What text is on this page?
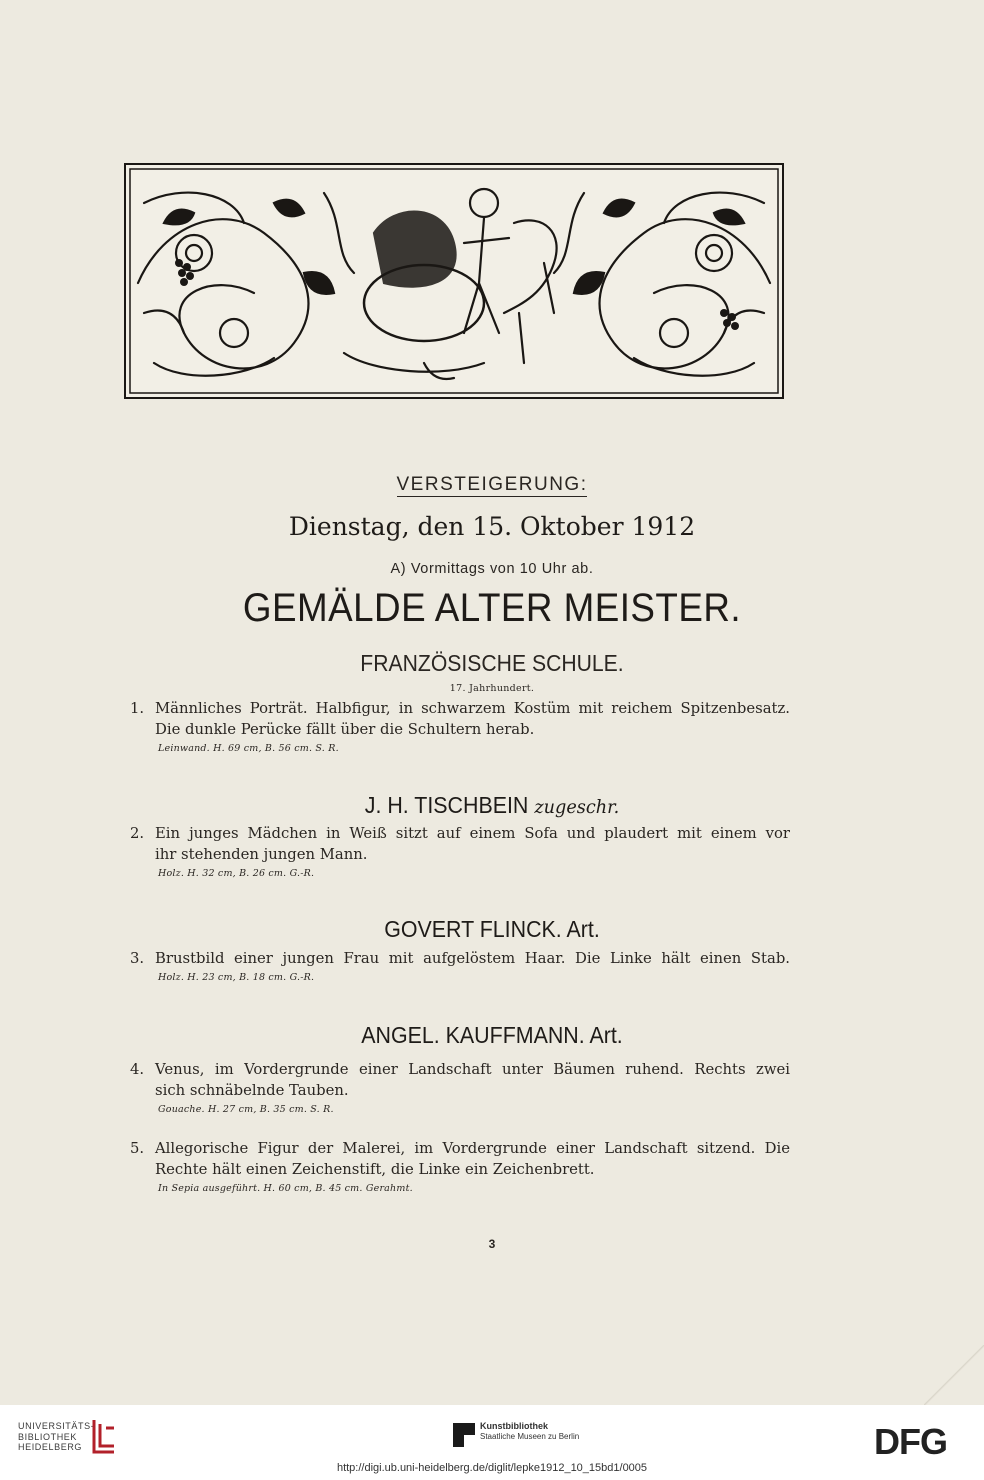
VERSTEIGERUNG:
Dienstag, den 15. Oktober 1912
A) Vormittags von 10 Uhr ab.
GEMÄLDE ALTER MEISTER.
FRANZÖSISCHE SCHULE.
17. Jahrhundert.
1. Männliches Porträt. Halbfigur, in schwarzem Kostüm mit reichem Spitzenbesatz.
Die dunkle Perücke fällt über die Schultern herab.
Leinwand. H. 69 cm, B. 56 cm. S. R.
J. H. TISCHBEIN zugeschr.
2. Ein junges Mädchen in Weiß sitzt auf einem Sofa und plaudert mit einem vor
ihr stehenden jungen Mann.
Holz. H. 32 cm, B. 26 cm. G.-R.
GOVERT FLINCK. Art.
3. Brustbild einer jungen Frau mit aufgelöstem Haar. Die Linke hält einen Stab.
Holz. H. 23 cm, B. 18 cm. G.-R.
ANGEL. KAUFFMANN. Art.
4. Venus, im Vordergrunde einer Landschaft unter Bäumen ruhend. Rechts zwei
sich schnäbelnde Tauben.
Gouache. H. 27 cm, B. 35 cm. S. R.
5. Allegorische Figur der Malerei, im Vordergrunde einer Landschaft sitzend. Die
Rechte hält einen Zeichenstift, die Linke ein Zeichenbrett.
In Sepia ausgeführt. H. 60 cm, B. 45 cm. Gerahmt.
3
UNIVERSITÄTS-
BIBLIOTHEK
HEIDELBERG
Kunstbibliothek
Staatliche Museen zu Berlin	DFG
http://digi.ub.uni-heidelberg.de/diglit/lepke1912_10_15bd1/0005
